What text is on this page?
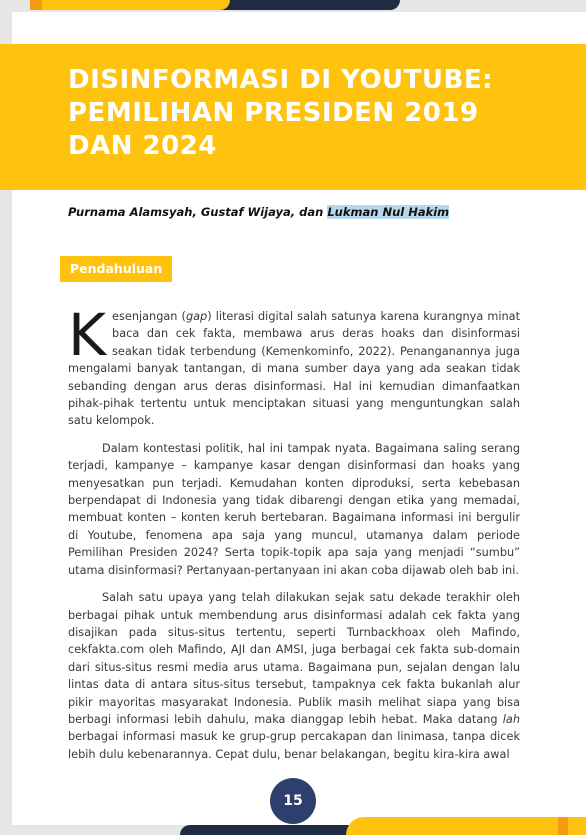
DISINFORMASI DI YOUTUBE: PEMILIHAN PRESIDEN 2019 DAN 2024
Purnama Alamsyah, Gustaf Wijaya, dan Lukman Nul Hakim
Pendahuluan

Kesenjangan (gap) literasi digital salah satunya karena kurangnya minat baca dan cek fakta, membawa arus deras hoaks dan disinformasi seakan tidak terbendung (Kemenkominfo, 2022). Penanganannya juga mengalami banyak tantangan, di mana sumber daya yang ada seakan tidak sebanding dengan arus deras disinformasi. Hal ini kemudian dimanfaatkan pihak-pihak tertentu untuk menciptakan situasi yang menguntungkan salah satu kelompok.

Dalam kontestasi politik, hal ini tampak nyata. Bagaimana saling serang terjadi, kampanye – kampanye kasar dengan disinformasi dan hoaks yang menyesatkan pun terjadi. Kemudahan konten diproduksi, serta kebebasan berpendapat di Indonesia yang tidak dibarengi dengan etika yang memadai, membuat konten – konten keruh bertebaran. Bagaimana informasi ini bergulir di Youtube, fenomena apa saja yang muncul, utamanya dalam periode Pemilihan Presiden 2024? Serta topik-topik apa saja yang menjadi “sumbu” utama disinformasi? Pertanyaan-pertanyaan ini akan coba dijawab oleh bab ini.

Salah satu upaya yang telah dilakukan sejak satu dekade terakhir oleh berbagai pihak untuk membendung arus disinformasi adalah cek fakta yang disajikan pada situs-situs tertentu, seperti Turnbackhoax oleh Mafindo, cekfakta.com oleh Mafindo, AJI dan AMSI, juga berbagai cek fakta sub-domain dari situs-situs resmi media arus utama. Bagaimana pun, sejalan dengan lalu lintas data di antara situs-situs tersebut, tampaknya cek fakta bukanlah alur pikir mayoritas masyarakat Indonesia. Publik masih melihat siapa yang bisa berbagi informasi lebih dahulu, maka dianggap lebih hebat. Maka datang lah berbagai informasi masuk ke grup-grup percakapan dan linimasa, tanpa dicek lebih dulu kebenarannya. Cepat dulu, benar belakangan, begitu kira-kira awal

15
